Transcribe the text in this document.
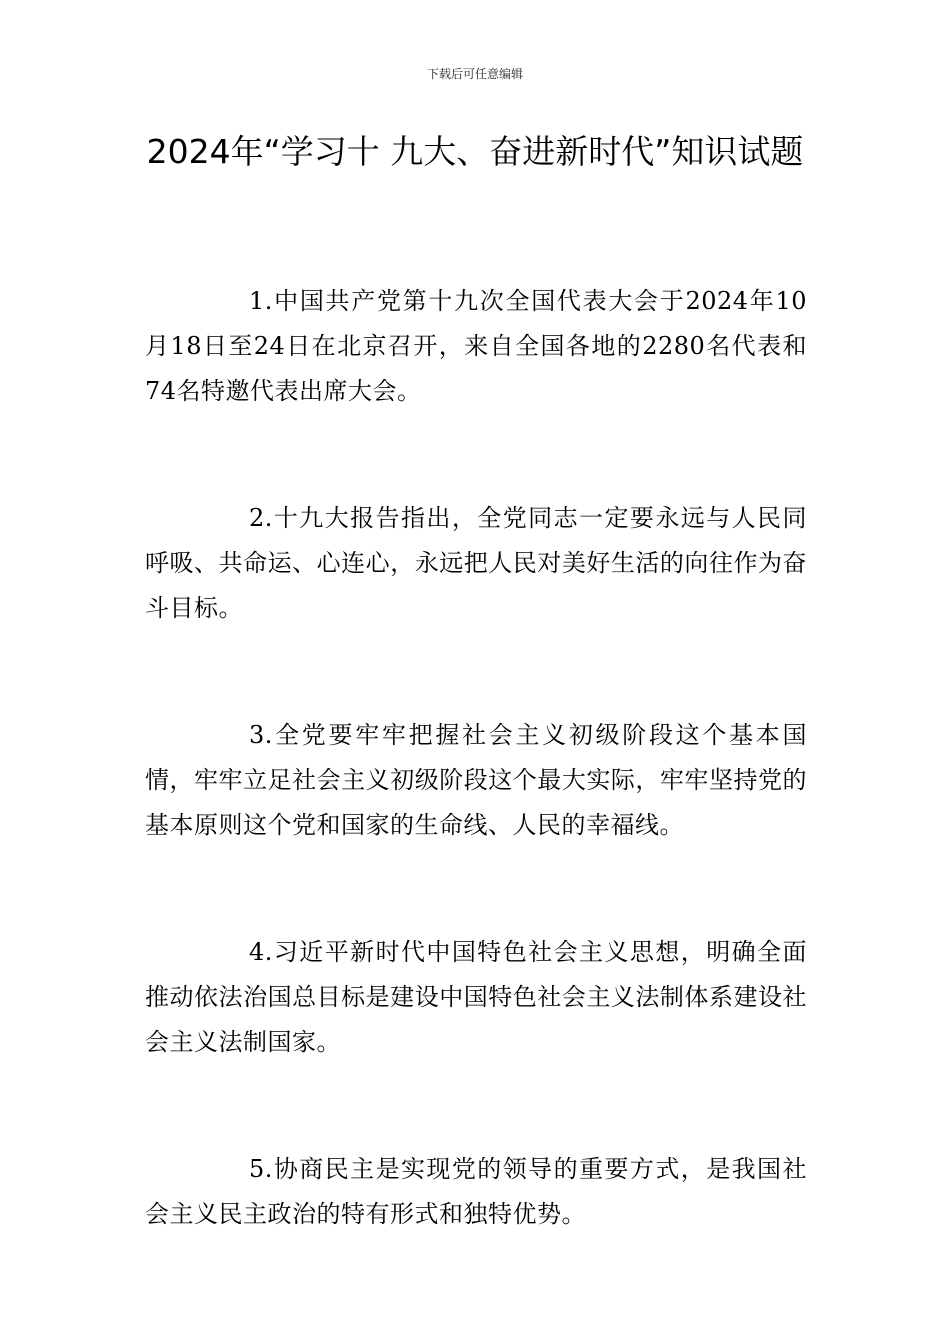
下载后可任意编辑
2024年“学习十 九大、奋进新时代”知识试题

1.中国共产党第十九次全国代表大会于2024年10月18日至24日在北京召开，来自全国各地的2280名代表和74名特邀代表出席大会。

2.十九大报告指出，全党同志一定要永远与人民同呼吸、共命运、心连心，永远把人民对美好生活的向往作为奋斗目标。

3.全党要牢牢把握社会主义初级阶段这个基本国情，牢牢立足社会主义初级阶段这个最大实际，牢牢坚持党的基本原则这个党和国家的生命线、人民的幸福线。

4.习近平新时代中国特色社会主义思想，明确全面推动依法治国总目标是建设中国特色社会主义法制体系建设社会主义法制国家。

5.协商民主是实现党的领导的重要方式，是我国社会主义民主政治的特有形式和独特优势。
